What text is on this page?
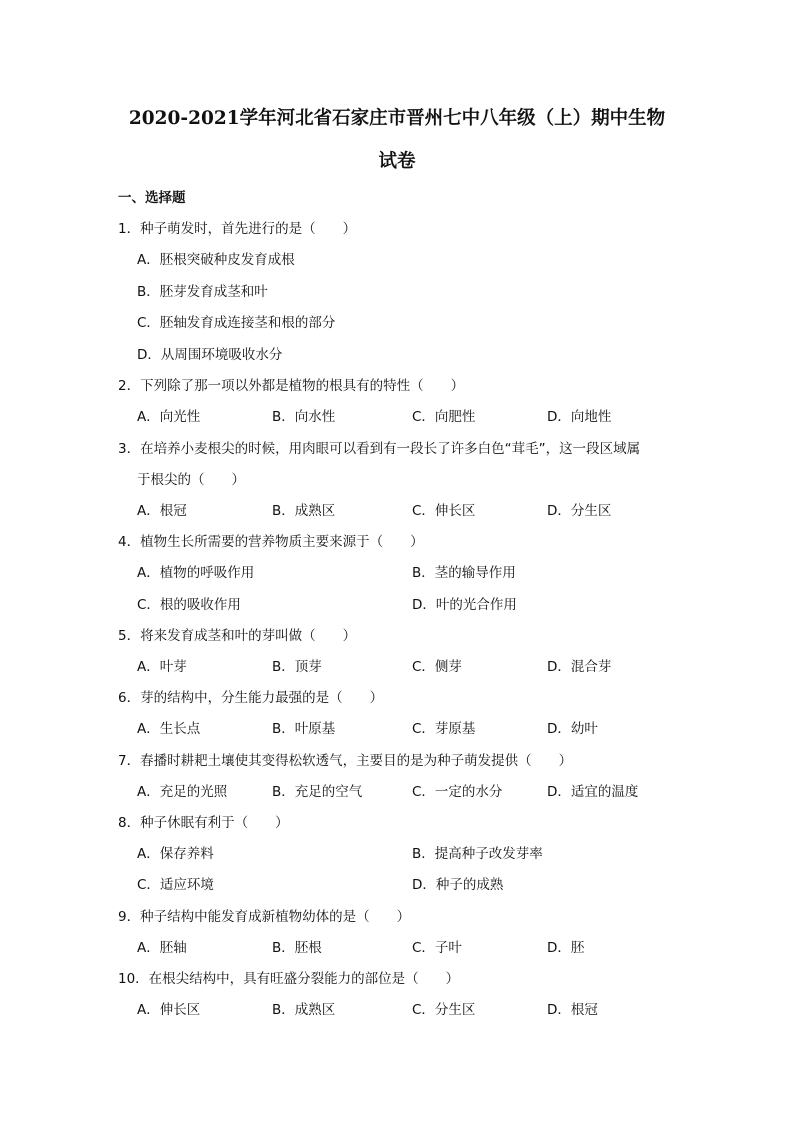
2020-2021学年河北省石家庄市晋州七中八年级（上）期中生物
试卷
一、选择题
1．种子萌发时，首先进行的是（　　）
A．胚根突破种皮发育成根
B．胚芽发育成茎和叶
C．胚轴发育成连接茎和根的部分
D．从周围环境吸收水分
2．下列除了那一项以外都是植物的根具有的特性（　　）
A．向光性	B．向水性	C．向肥性	D．向地性
3．在培养小麦根尖的时候，用肉眼可以看到有一段长了许多白色“茸毛”，这一段区域属
于根尖的（　　）
A．根冠	B．成熟区	C．伸长区	D．分生区
4．植物生长所需要的营养物质主要来源于（　　）
A．植物的呼吸作用	B．茎的输导作用
C．根的吸收作用	D．叶的光合作用
5．将来发育成茎和叶的芽叫做（　　）
A．叶芽	B．顶芽	C．侧芽	D．混合芽
6．芽的结构中，分生能力最强的是（　　）
A．生长点	B．叶原基	C．芽原基	D．幼叶
7．春播时耕耙土壤使其变得松软透气，主要目的是为种子萌发提供（　　）
A．充足的光照	B．充足的空气	C．一定的水分	D．适宜的温度
8．种子休眠有利于（　　）
A．保存养料	B．提高种子改发芽率
C．适应环境	D．种子的成熟
9．种子结构中能发育成新植物幼体的是（　　）
A．胚轴	B．胚根	C．子叶	D．胚
10．在根尖结构中，具有旺盛分裂能力的部位是（　　）
A．伸长区	B．成熟区	C．分生区	D．根冠
